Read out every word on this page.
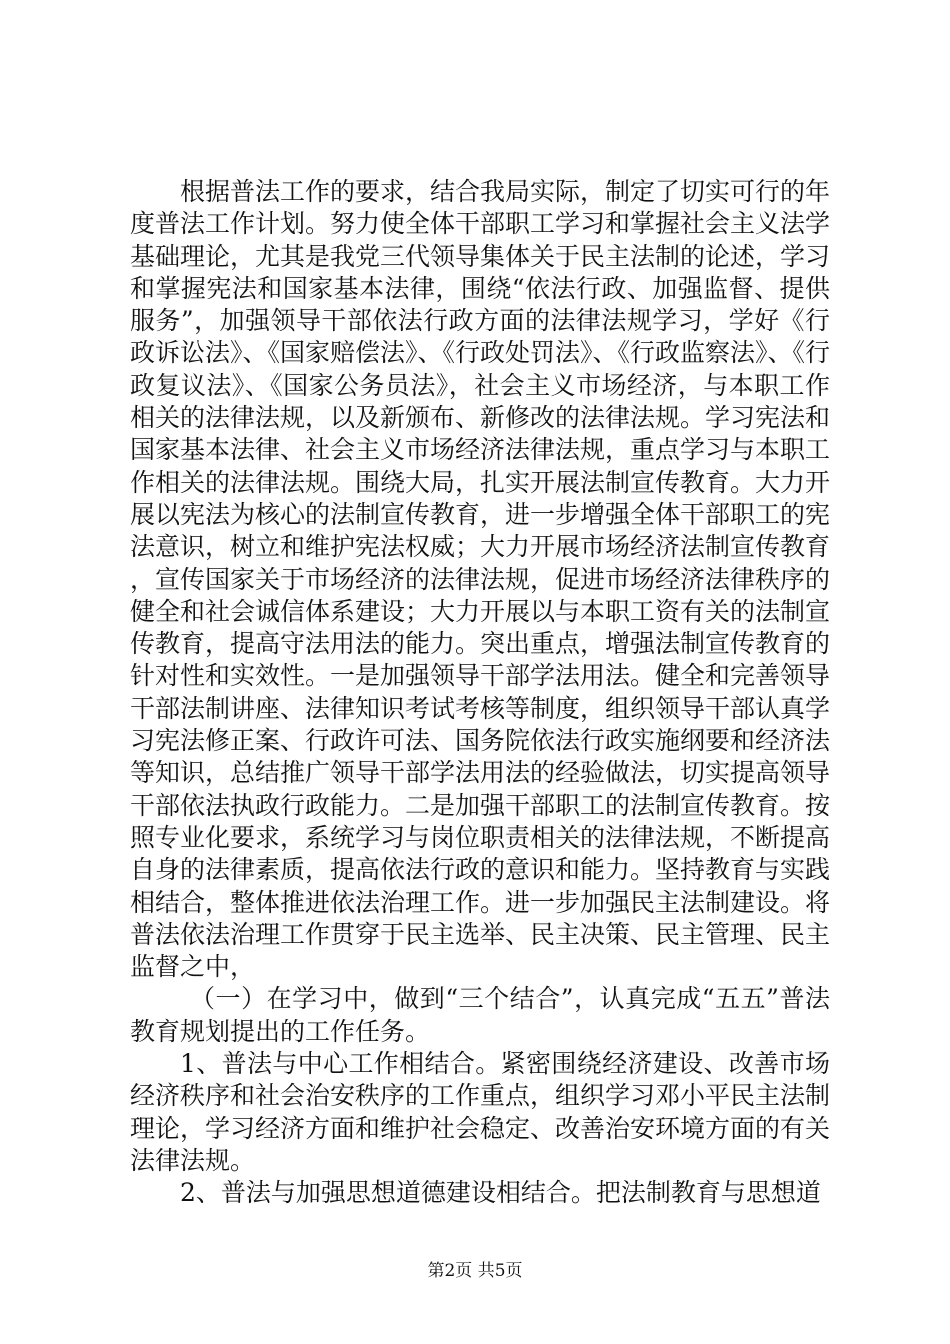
根据普法工作的要求，结合我局实际，制定了切实可行的年度普法工作计划。努力使全体干部职工学习和掌握社会主义法学基础理论，尤其是我党三代领导集体关于民主法制的论述，学习和掌握宪法和国家基本法律，围绕“依法行政、加强监督、提供服务”，加强领导干部依法行政方面的法律法规学习，学好《行政诉讼法》、《国家赔偿法》、《行政处罚法》、《行政监察法》、《行政复议法》、《国家公务员法》，社会主义市场经济，与本职工作相关的法律法规，以及新颁布、新修改的法律法规。学习宪法和国家基本法律、社会主义市场经济法律法规，重点学习与本职工作相关的法律法规。围绕大局，扎实开展法制宣传教育。大力开展以宪法为核心的法制宣传教育，进一步增强全体干部职工的宪法意识，树立和维护宪法权威；大力开展市场经济法制宣传教育，宣传国家关于市场经济的法律法规，促进市场经济法律秩序的健全和社会诚信体系建设；大力开展以与本职工资有关的法制宣传教育，提高守法用法的能力。突出重点，增强法制宣传教育的针对性和实效性。一是加强领导干部学法用法。健全和完善领导干部法制讲座、法律知识考试考核等制度，组织领导干部认真学习宪法修正案、行政许可法、国务院依法行政实施纲要和经济法等知识，总结推广领导干部学法用法的经验做法，切实提高领导干部依法执政行政能力。二是加强干部职工的法制宣传教育。按照专业化要求，系统学习与岗位职责相关的法律法规，不断提高自身的法律素质，提高依法行政的意识和能力。坚持教育与实践相结合，整体推进依法治理工作。进一步加强民主法制建设。将普法依法治理工作贯穿于民主选举、民主决策、民主管理、民主监督之中，

（一）在学习中，做到“三个结合”，认真完成“五五”普法教育规划提出的工作任务。

1、普法与中心工作相结合。紧密围绕经济建设、改善市场经济秩序和社会治安秩序的工作重点，组织学习邓小平民主法制理论，学习经济方面和维护社会稳定、改善治安环境方面的有关法律法规。

2、普法与加强思想道德建设相结合。把法制教育与思想道

第2页 共5页
